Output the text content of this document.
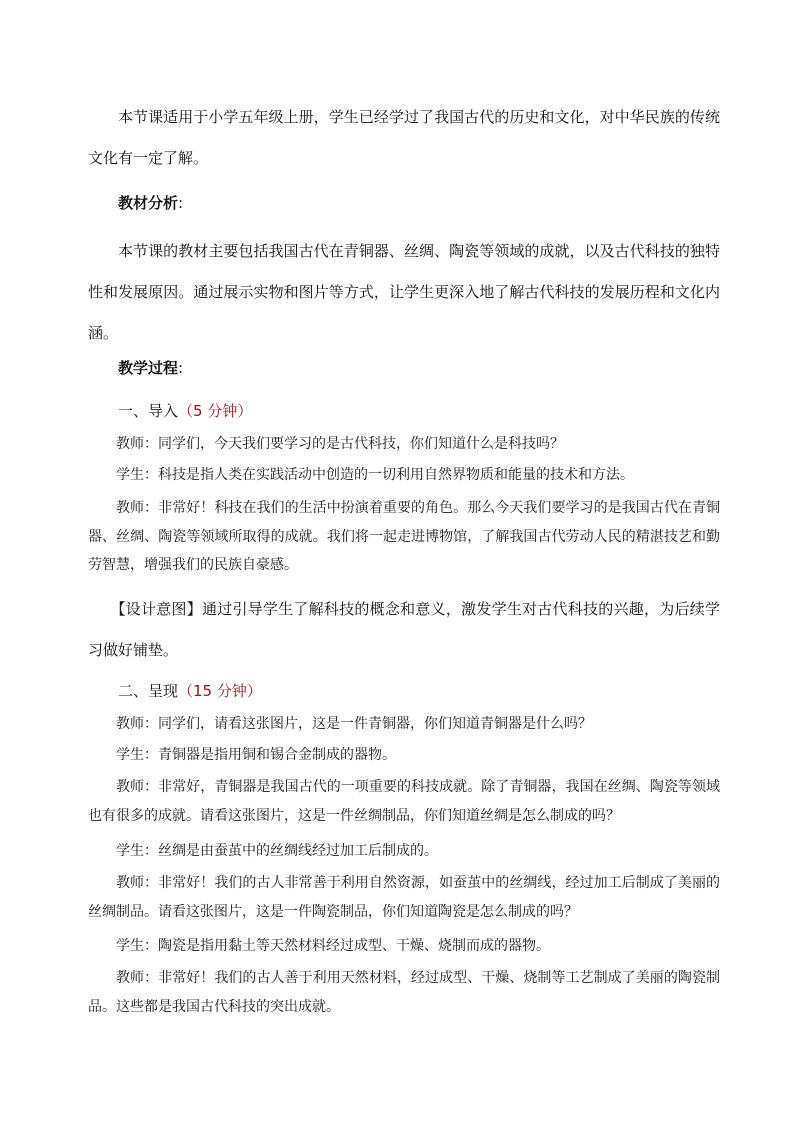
本节课适用于小学五年级上册，学生已经学过了我国古代的历史和文化，对中华民族的传统文化有一定了解。

教材分析:

本节课的教材主要包括我国古代在青铜器、丝绸、陶瓷等领域的成就，以及古代科技的独特性和发展原因。通过展示实物和图片等方式，让学生更深入地了解古代科技的发展历程和文化内涵。

教学过程:

一、导入（5 分钟）

教师：同学们，今天我们要学习的是古代科技，你们知道什么是科技吗？

学生：科技是指人类在实践活动中创造的一切利用自然界物质和能量的技术和方法。

教师：非常好！科技在我们的生活中扮演着重要的角色。那么今天我们要学习的是我国古代在青铜器、丝绸、陶瓷等领域所取得的成就。我们将一起走进博物馆，了解我国古代劳动人民的精湛技艺和勤劳智慧，增强我们的民族自豪感。

【设计意图】通过引导学生了解科技的概念和意义，激发学生对古代科技的兴趣，为后续学习做好铺垫。

二、呈现（15 分钟）

教师：同学们，请看这张图片，这是一件青铜器，你们知道青铜器是什么吗？

学生：青铜器是指用铜和锡合金制成的器物。

教师：非常好，青铜器是我国古代的一项重要的科技成就。除了青铜器，我国在丝绸、陶瓷等领域也有很多的成就。请看这张图片，这是一件丝绸制品，你们知道丝绸是怎么制成的吗？

学生：丝绸是由蚕茧中的丝绸线经过加工后制成的。

教师：非常好！我们的古人非常善于利用自然资源，如蚕茧中的丝绸线，经过加工后制成了美丽的丝绸制品。请看这张图片，这是一件陶瓷制品，你们知道陶瓷是怎么制成的吗？

学生：陶瓷是指用黏土等天然材料经过成型、干燥、烧制而成的器物。

教师：非常好！我们的古人善于利用天然材料，经过成型、干燥、烧制等工艺制成了美丽的陶瓷制品。这些都是我国古代科技的突出成就。
